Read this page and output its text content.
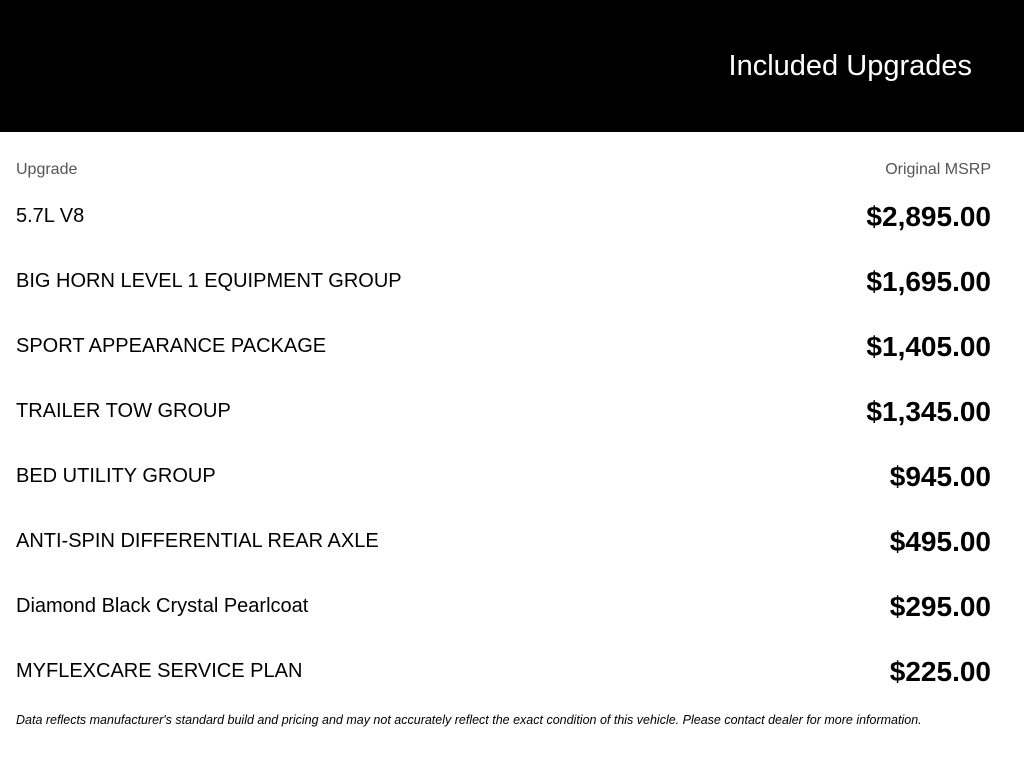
Included Upgrades
Upgrade	Original MSRP
5.7L V8	$2,895.00
BIG HORN LEVEL 1 EQUIPMENT GROUP	$1,695.00
SPORT APPEARANCE PACKAGE	$1,405.00
TRAILER TOW GROUP	$1,345.00
BED UTILITY GROUP	$945.00
ANTI-SPIN DIFFERENTIAL REAR AXLE	$495.00
Diamond Black Crystal Pearlcoat	$295.00
MYFLEXCARE SERVICE PLAN	$225.00
Data reflects manufacturer's standard build and pricing and may not accurately reflect the exact condition of this vehicle. Please contact dealer for more information.
